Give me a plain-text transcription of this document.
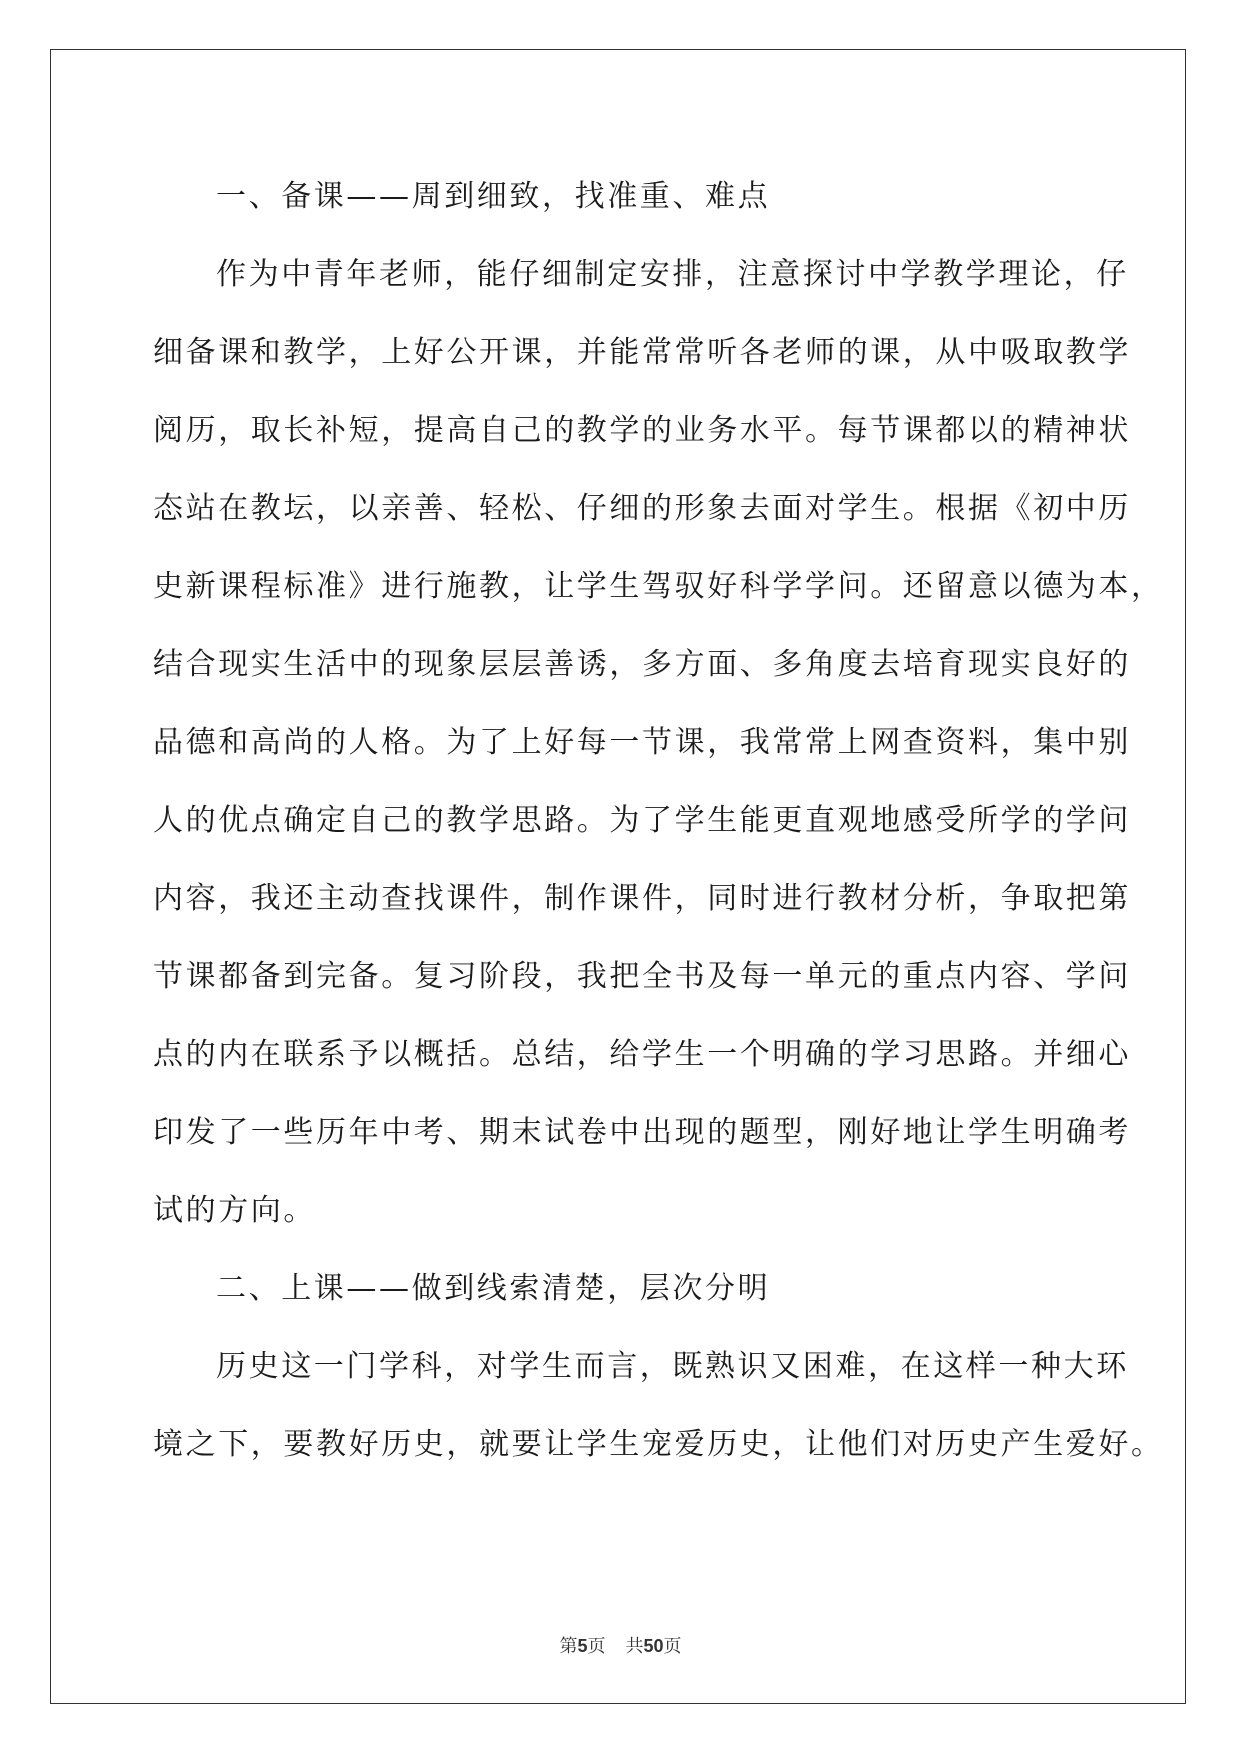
一、备课——周到细致，找准重、难点

作为中青年老师，能仔细制定安排，注意探讨中学教学理论，仔

细备课和教学，上好公开课，并能常常听各老师的课，从中吸取教学

阅历，取长补短，提高自己的教学的业务水平。每节课都以的精神状

态站在教坛，以亲善、轻松、仔细的形象去面对学生。根据《初中历

史新课程标准》进行施教，让学生驾驭好科学学问。还留意以德为本，

结合现实生活中的现象层层善诱，多方面、多角度去培育现实良好的

品德和高尚的人格。为了上好每一节课，我常常上网查资料，集中别

人的优点确定自己的教学思路。为了学生能更直观地感受所学的学问

内容，我还主动查找课件，制作课件，同时进行教材分析，争取把第

节课都备到完备。复习阶段，我把全书及每一单元的重点内容、学问

点的内在联系予以概括。总结，给学生一个明确的学习思路。并细心

印发了一些历年中考、期末试卷中出现的题型，刚好地让学生明确考

试的方向。

二、上课——做到线索清楚，层次分明

历史这一门学科，对学生而言，既熟识又困难，在这样一种大环

境之下，要教好历史，就要让学生宠爱历史，让他们对历史产生爱好。

第5页 共50页
